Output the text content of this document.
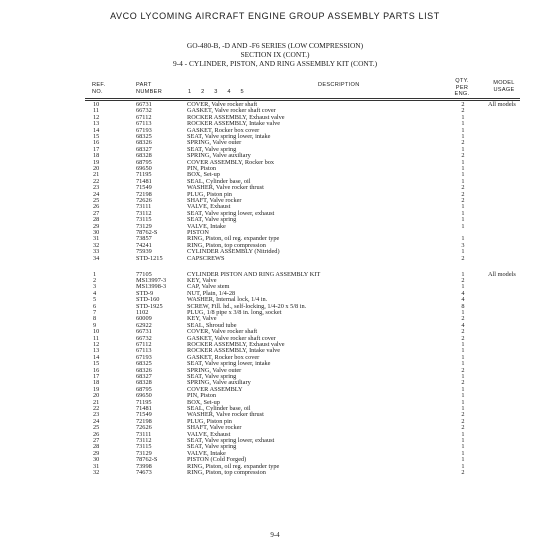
AVCO LYCOMING AIRCRAFT ENGINE GROUP ASSEMBLY PARTS LIST
GO-480-B, -D AND -F6 SERIES (LOW COMPRESSION)
SECTION IX (CONT.)
9-4 - CYLINDER, PISTON, AND RING ASSEMBLY KIT (CONT.)
REF.
NO.
PART
NUMBER
DESCRIPTION
1  2  3  4  5
QTY.
PER
ENG.
MODEL
USAGE
10	66731	COVER, Valve rocker shaft	2	All models
11	66732	GASKET, Valve rocker shaft cover	2
12	67112	ROCKER ASSEMBLY, Exhaust valve	1
13	67113	ROCKER ASSEMBLY, Intake valve	1
14	67193	GASKET, Rocker box cover	1
15	68325	SEAT, Valve spring lower, intake	1
16	68326	SPRING, Valve outer	2
17	68327	SEAT, Valve spring	1
18	68328	SPRING, Valve auxiliary	2
19	68795	COVER ASSEMBLY, Rocker box	1
20	69650	PIN, Piston	1
21	71195	BOX, Set-up	1
22	71481	SEAL, Cylinder base, oil	1
23	71549	WASHER, Valve rocker thrust	2
24	72198	PLUG, Piston pin	2
25	72626	SHAFT, Valve rocker	2
26	73111	VALVE, Exhaust	1
27	73112	SEAT, Valve spring lower, exhaust	1
28	73115	SEAT, Valve spring	1
29	73129	VALVE, Intake	1
30	78762-S	PISTON
31	73857	RING, Piston, oil reg. expander type	1
32	74241	RING, Piston, top compression	3
33	75939	CYLINDER ASSEMBLY (Nitrided)	1
34	STD-1215	CAPSCREWS	2
1	77105	CYLINDER PISTON AND RING ASSEMBLY KIT	1	All models
2	MS13997-3	KEY, Valve	2
3	MS13998-3	CAP, Valve stem	1
4	STD-9	NUT, Plain, 1/4-28	4
5	STD-160	WASHER, Internal lock, 1/4 in.	4
6	STD-1925	SCREW, Fill. hd., self-locking, 1/4-20 x 5/8 in.	8
7	1102	PLUG, 1/8 pipe x 3/8 in. long, socket	1
8	60009	KEY, Valve	2
9	62922	SEAL, Shroud tube	4
10	66731	COVER, Valve rocker shaft	2
11	66732	GASKET, Valve rocker shaft cover	2
12	67112	ROCKER ASSEMBLY, Exhaust valve	1
13	67113	ROCKER ASSEMBLY, Intake valve	1
14	67193	GASKET, Rocker box cover	1
15	68325	SEAT, Valve spring lower, intake	1
16	68326	SPRING, Valve outer	2
17	68327	SEAT, Valve spring	1
18	68328	SPRING, Valve auxiliary	2
19	68795	COVER ASSEMBLY	1
20	69650	PIN, Piston	1
21	71195	BOX, Set-up	1
22	71481	SEAL, Cylinder base, oil	1
23	71549	WASHER, Valve rocker thrust	2
24	72198	PLUG, Piston pin	2
25	72626	SHAFT, Valve rocker	2
26	73111	VALVE, Exhaust	1
27	73112	SEAT, Valve spring lower, exhaust	1
28	73115	SEAT, Valve spring	1
29	73129	VALVE, Intake	1
30	78762-S	PISTON (Cold Forged)	1
31	73998	RING, Piston, oil reg. expander type	1
32	74673	RING, Piston, top compression	2
9-4
